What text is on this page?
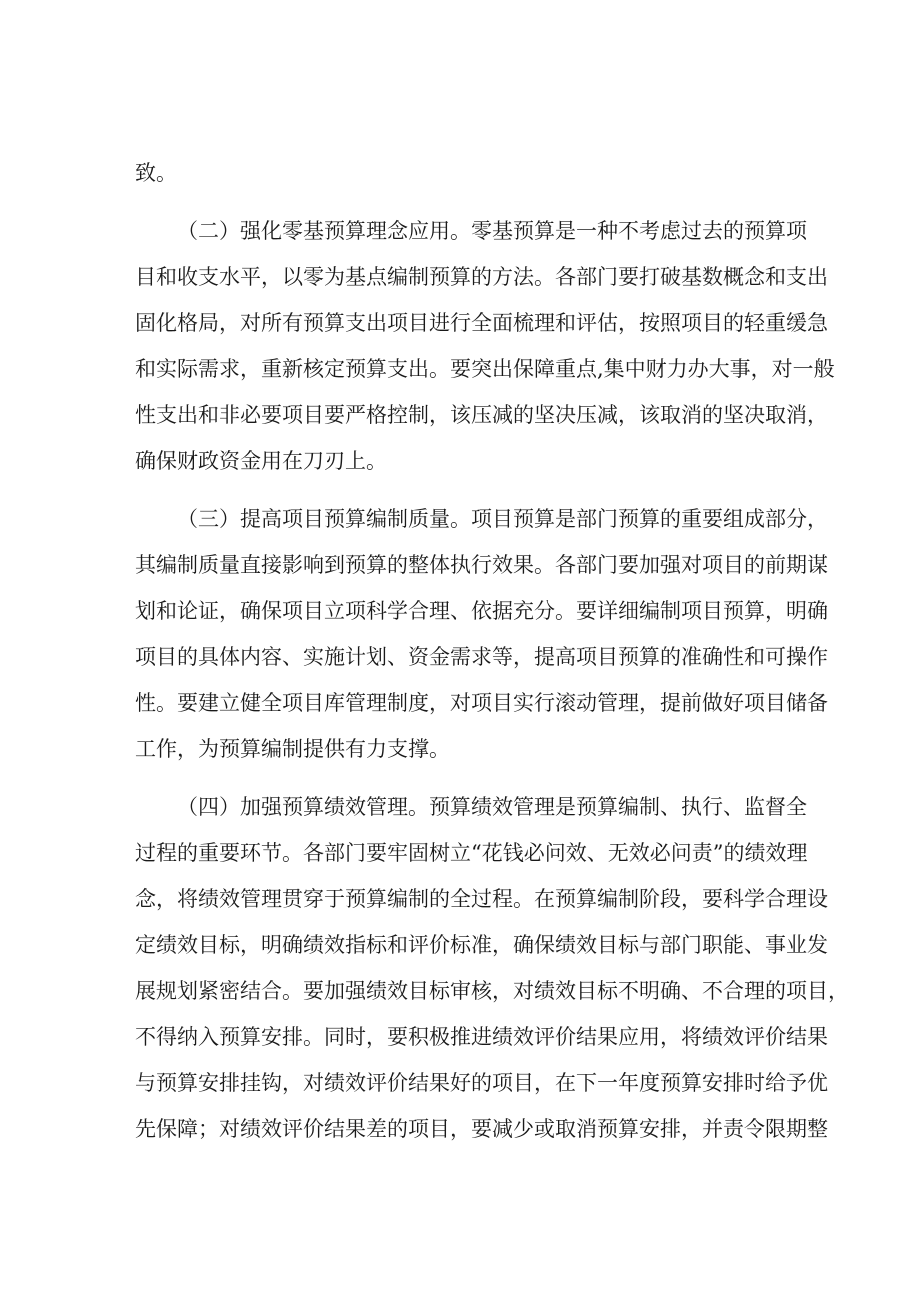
致。
（二）强化零基预算理念应用。零基预算是一种不考虑过去的预算项
目和收支水平，以零为基点编制预算的方法。各部门要打破基数概念和支出
固化格局，对所有预算支出项目进行全面梳理和评估，按照项目的轻重缓急
和实际需求，重新核定预算支出。要突出保障重点,集中财力办大事，对一般
性支出和非必要项目要严格控制，该压减的坚决压减，该取消的坚决取消，
确保财政资金用在刀刃上。
（三）提高项目预算编制质量。项目预算是部门预算的重要组成部分，
其编制质量直接影响到预算的整体执行效果。各部门要加强对项目的前期谋
划和论证，确保项目立项科学合理、依据充分。要详细编制项目预算，明确
项目的具体内容、实施计划、资金需求等，提高项目预算的准确性和可操作
性。要建立健全项目库管理制度，对项目实行滚动管理，提前做好项目储备
工作，为预算编制提供有力支撑。
（四）加强预算绩效管理。预算绩效管理是预算编制、执行、监督全
过程的重要环节。各部门要牢固树立“花钱必问效、无效必问责”的绩效理
念，将绩效管理贯穿于预算编制的全过程。在预算编制阶段，要科学合理设
定绩效目标，明确绩效指标和评价标准，确保绩效目标与部门职能、事业发
展规划紧密结合。要加强绩效目标审核，对绩效目标不明确、不合理的项目，
不得纳入预算安排。同时，要积极推进绩效评价结果应用，将绩效评价结果
与预算安排挂钩，对绩效评价结果好的项目，在下一年度预算安排时给予优
先保障；对绩效评价结果差的项目，要减少或取消预算安排，并责令限期整
